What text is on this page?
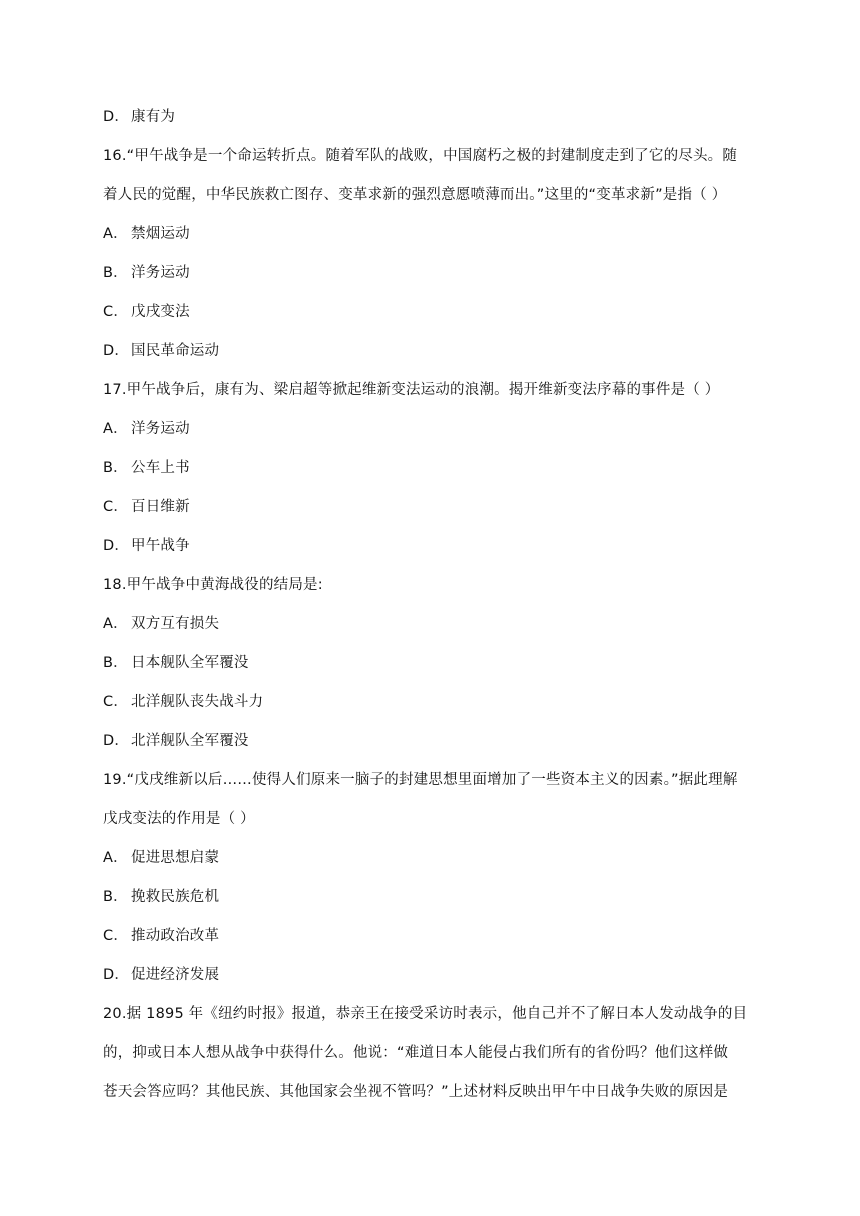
D． 康有为
16.“甲午战争是一个命运转折点。随着军队的战败，中国腐朽之极的封建制度走到了它的尽头。随
着人民的觉醒，中华民族救亡图存、变革求新的强烈意愿喷薄而出。”这里的“变革求新”是指（ ）
A． 禁烟运动
B． 洋务运动
C． 戊戌变法
D． 国民革命运动
17.甲午战争后，康有为、梁启超等掀起维新变法运动的浪潮。揭开维新变法序幕的事件是（ ）
A． 洋务运动
B． 公车上书
C． 百日维新
D． 甲午战争
18.甲午战争中黄海战役的结局是:
A． 双方互有损失
B． 日本舰队全军覆没
C． 北洋舰队丧失战斗力
D． 北洋舰队全军覆没
19.“戊戌维新以后……使得人们原来一脑子的封建思想里面增加了一些资本主义的因素。”据此理解
戊戌变法的作用是（ ）
A． 促进思想启蒙
B． 挽救民族危机
C． 推动政治改革
D． 促进经济发展
20.据 1895 年《纽约时报》报道，恭亲王在接受采访时表示，他自己并不了解日本人发动战争的目
的，抑或日本人想从战争中获得什么。他说：“难道日本人能侵占我们所有的省份吗？他们这样做
苍天会答应吗？其他民族、其他国家会坐视不管吗？”上述材料反映出甲午中日战争失败的原因是
